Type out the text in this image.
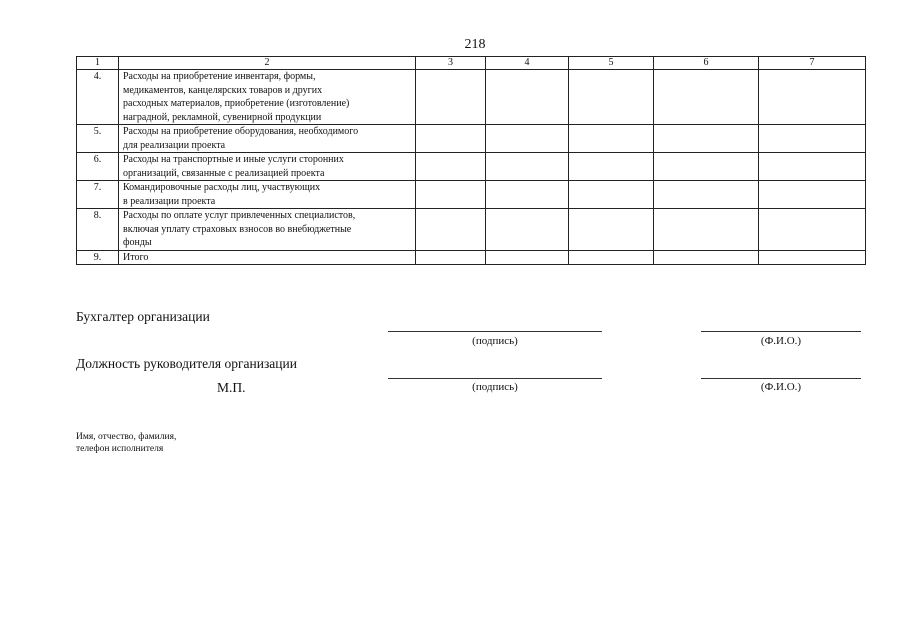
218
1	2	3	4	5	6	7
4.	Расходы на приобретение инвентаря, формы,
медикаментов, канцелярских товаров и других
расходных материалов, приобретение (изготовление)
наградной, рекламной, сувенирной продукции					

5.	Расходы на приобретение оборудования, необходимого
для реализации проекта					

6.	Расходы на транспортные и иные услуги сторонних
организаций, связанные с реализацией проекта					

7.	Командировочные расходы лиц, участвующих
в реализации проекта					

8.	Расходы по оплате услуг привлеченных специалистов,
включая уплату страховых взносов во внебюджетные
фонды					

9.	Итого					

Бухгалтер организации
(подпись)	(Ф.И.О.)
Должность руководителя организации
М.П.	(подпись)	(Ф.И.О.)
Имя, отчество, фамилия,
телефон исполнителя
